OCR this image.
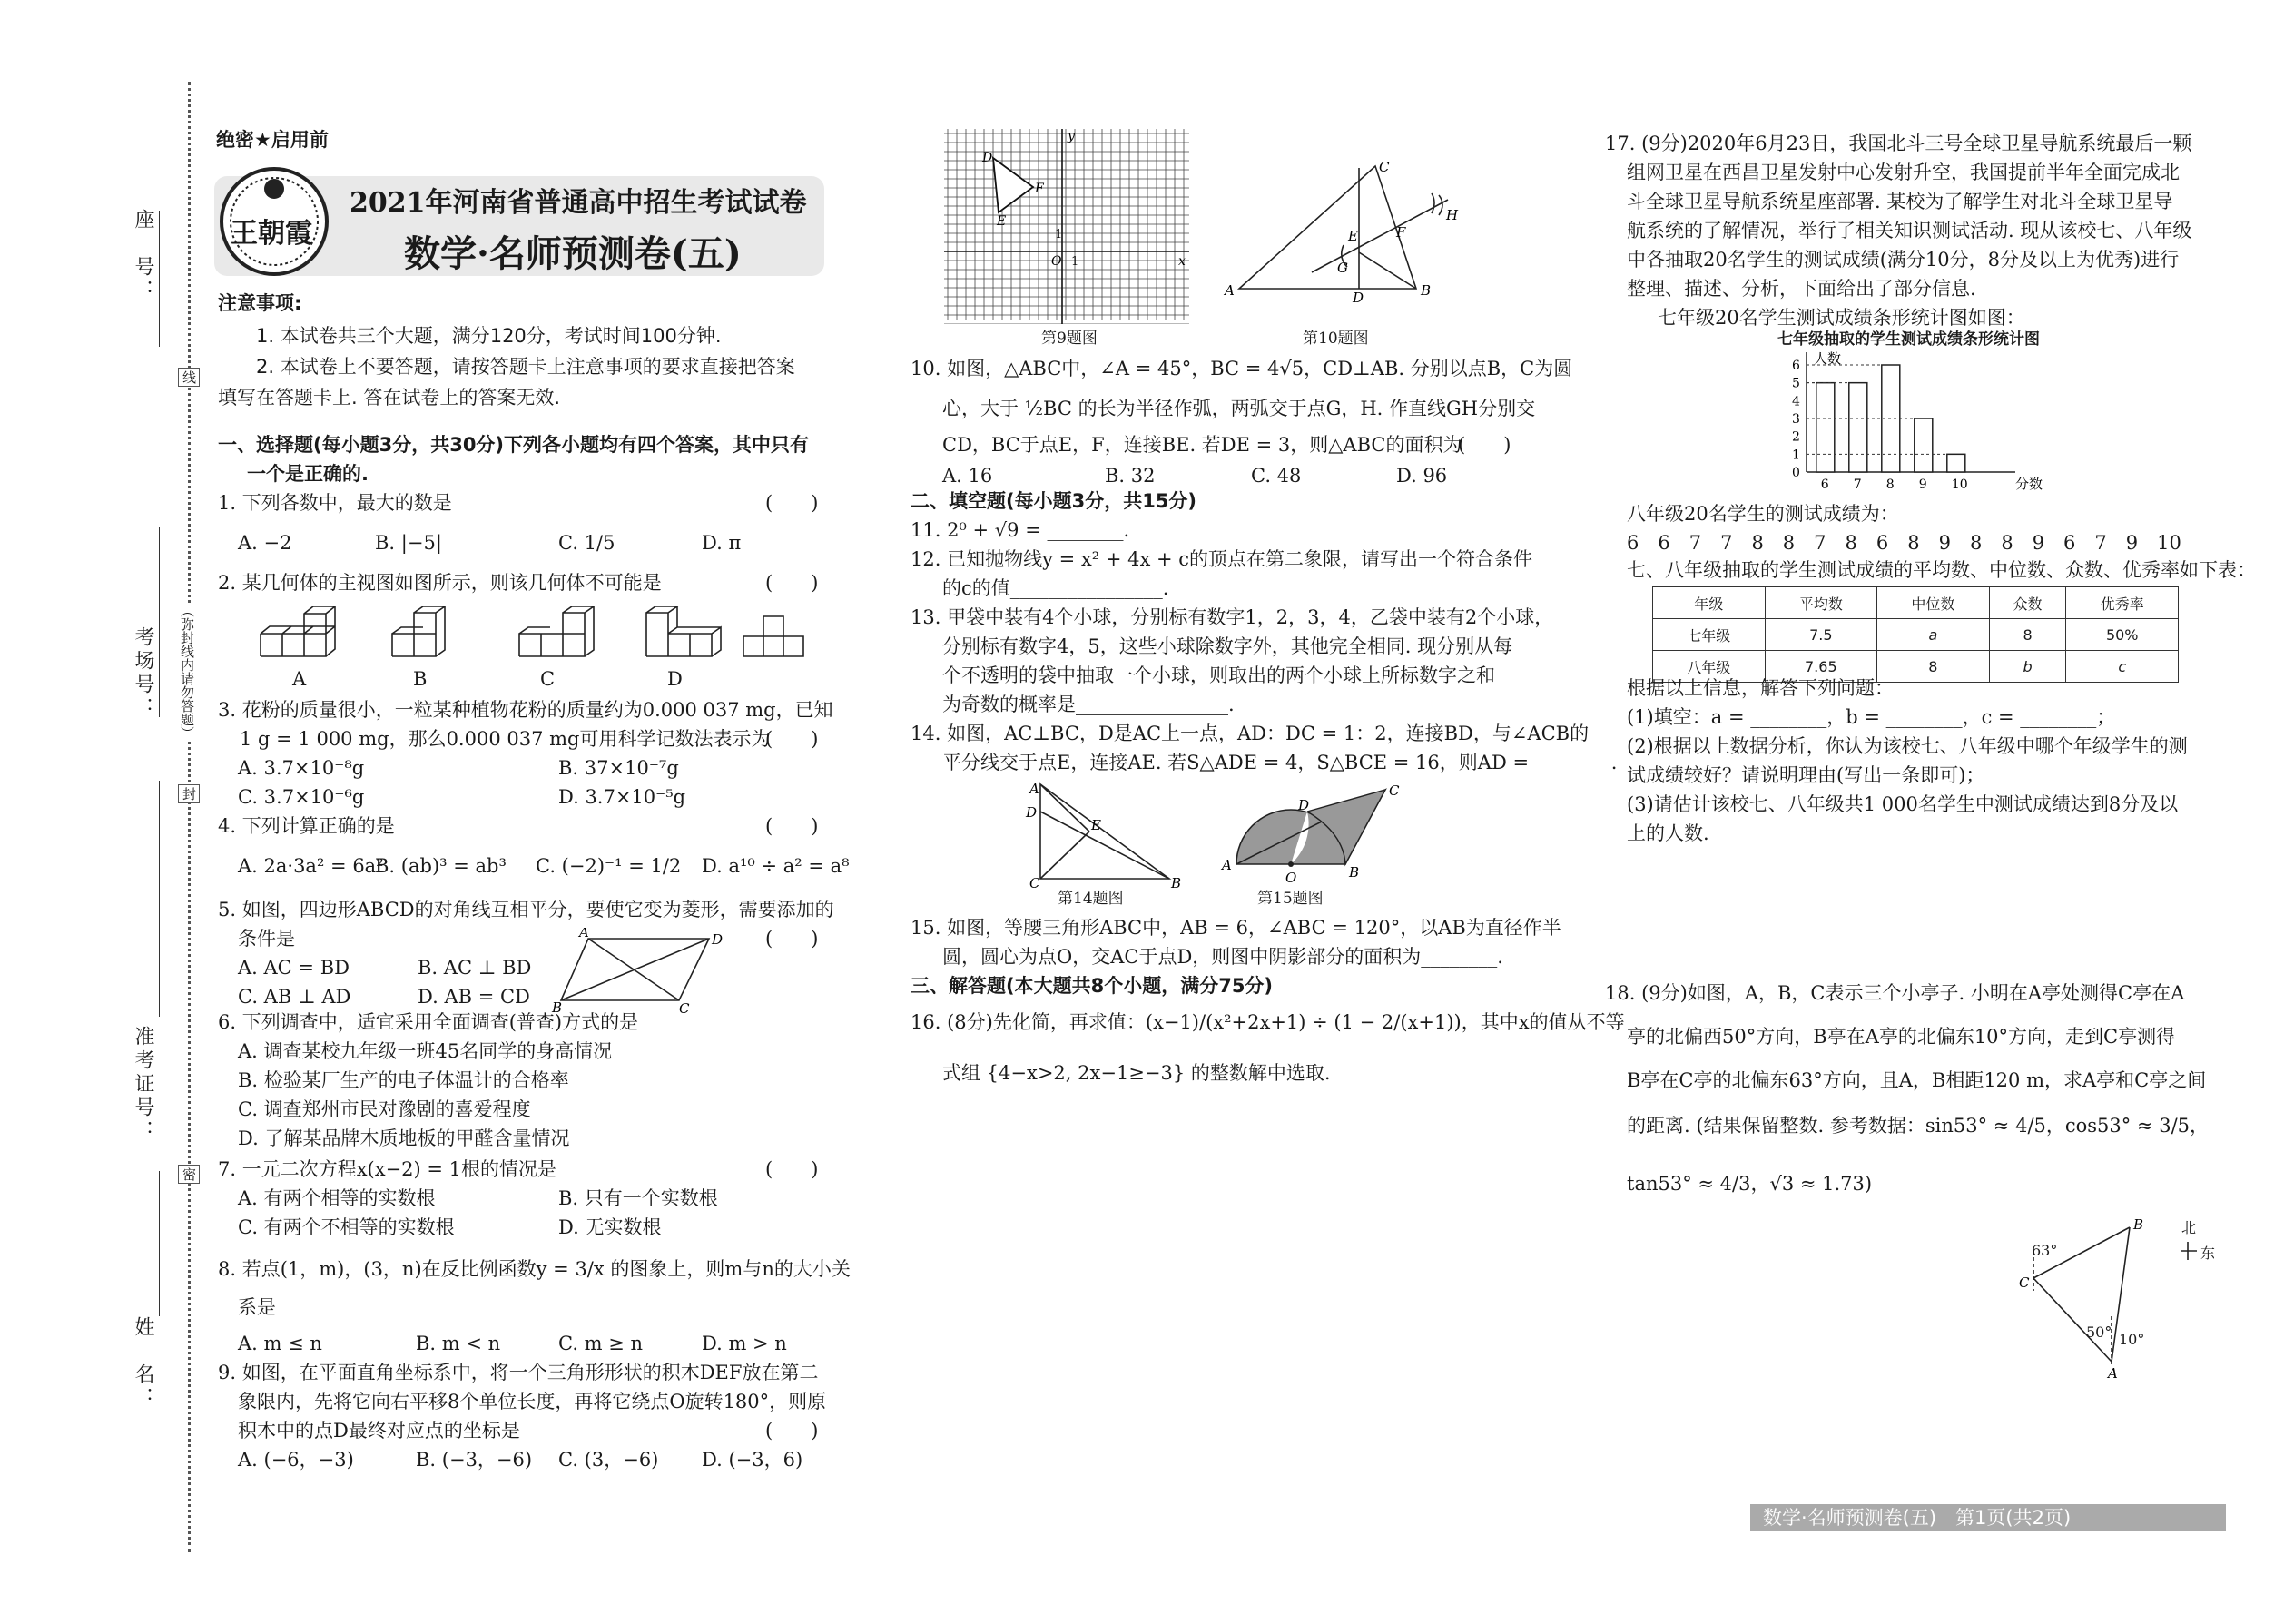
座　号：
考场号：
准考证号：
姓　名：
线
（弥封线内请勿答题）
封
密
绝密★启用前
王朝霞
2021年河南省普通高中招生考试试卷
数学·名师预测卷(五)
注意事项:
1. 本试卷共三个大题，满分120分，考试时间100分钟.
2. 本试卷上不要答题，请按答题卡上注意事项的要求直接把答案
填写在答题卡上. 答在试卷上的答案无效.
一、选择题(每小题3分，共30分)下列各小题均有四个答案，其中只有
一个是正确的.
1. 下列各数中，最大的数是	(　　)
A. −2	B. |−5|	C. 1/5	D. π
2. 某几何体的主视图如图所示，则该几何体不可能是	(　　)
A	B	C	D
3. 花粉的质量很小，一粒某种植物花粉的质量约为0.000 037 mg，已知
1 g = 1 000 mg，那么0.000 037 mg可用科学记数法表示为
(　　)
A. 3.7×10⁻⁸g	B. 37×10⁻⁷g
C. 3.7×10⁻⁶g	D. 3.7×10⁻⁵g
4. 下列计算正确的是	(　　)
A. 2a·3a² = 6a²
B. (ab)³ = ab³ C. (−2)⁻¹ = 1/2 D. a¹⁰ ÷ a² = a⁸
5. 如图，四边形ABCD的对角线互相平分，要使它变为菱形，需要添加的
条件是	(　　)
A. AC = BD	B. AC ⊥ BD
C. AB ⊥ AD	D. AB = CD
A	D
C
B
6. 下列调查中，适宜采用全面调查(普查)方式的是
A. 调查某校九年级一班45名同学的身高情况
B. 检验某厂生产的电子体温计的合格率
C. 调查郑州市民对豫剧的喜爱程度
D. 了解某品牌木质地板的甲醛含量情况
7. 一元二次方程x(x−2) = 1根的情况是	(　　)
A. 有两个相等的实数根	B. 只有一个实数根
C. 有两个不相等的实数根	D. 无实数根
8. 若点(1，m)，(3，n)在反比例函数y = 3/x 的图象上，则m与n的大小关
系是
A. m ≤ n	B. m < n	C. m ≥ n	D. m > n
9. 如图，在平面直角坐标系中，将一个三角形形状的积木DEF放在第二
象限内，先将它向右平移8个单位长度，再将它绕点O旋转180°，则原
积木中的点D最终对应点的坐标是	(　　)
A. (−6，−3)	B. (−3，−6) C. (3，−6) D. (−3，6)
D
F
E
O 1
1
y
x
第9题图
A
C
B
D
E	F
G
H
第10题图
10. 如图，△ABC中，∠A = 45°，BC = 4√5，CD⊥AB. 分别以点B，C为圆
心，大于 ½BC 的长为半径作弧，两弧交于点G，H. 作直线GH分别交
CD，BC于点E，F，连接BE. 若DE = 3，则△ABC的面积为
(　　)
A. 16	B. 32	C. 48	D. 96
二、填空题(每小题3分，共15分)
11. 2⁰ + √9 = ________.
12. 已知抛物线y = x² + 4x + c的顶点在第二象限，请写出一个符合条件
的c的值________________.
13. 甲袋中装有4个小球，分别标有数字1，2，3，4，乙袋中装有2个小球，
分别标有数字4，5，这些小球除数字外，其他完全相同. 现分别从每
个不透明的袋中抽取一个小球，则取出的两个小球上所标数字之和
为奇数的概率是________________.
14. 如图，AC⊥BC，D是AC上一点，AD：DC = 1：2，连接BD，与∠ACB的
平分线交于点E，连接AE. 若S△ADE = 4，S△BCE = 16，则AD = ________.
A
D
E
C	B
第14题图
A
O	B
C
D
第15题图
15. 如图，等腰三角形ABC中，AB = 6，∠ABC = 120°，以AB为直径作半
圆，圆心为点O，交AC于点D，则图中阴影部分的面积为________.
三、解答题(本大题共8个小题，满分75分)
16. (8分)先化简，再求值：(x−1)/(x²+2x+1) ÷ (1 − 2/(x+1))，其中x的值从不等
式组 {4−x>2, 2x−1≥−3} 的整数解中选取.
17. (9分)2020年6月23日，我国北斗三号全球卫星导航系统最后一颗
组网卫星在西昌卫星发射中心发射升空，我国提前半年全面完成北
斗全球卫星导航系统星座部署. 某校为了解学生对北斗全球卫星导
航系统的了解情况，举行了相关知识测试活动. 现从该校七、八年级
中各抽取20名学生的测试成绩(满分10分，8分及以上为优秀)进行
整理、描述、分析，下面给出了部分信息.
七年级20名学生测试成绩条形统计图如图：
七年级抽取的学生测试成绩条形统计图
人数
分数
0
1
2
3
4
5
6
6 7 8 9 10
八年级20名学生的测试成绩为：
6　6　7　7　8　8　7　8　6　8　9　8　8　9　6　7　9　10
七、八年级抽取的学生测试成绩的平均数、中位数、众数、优秀率如下表：
年级	平均数	中位数	众数	优秀率
七年级	7.5	a	8	50%
八年级	7.65	8	b	c
根据以上信息，解答下列问题：
(1)填空：a = ________，b = ________，c = ________；
(2)根据以上数据分析，你认为该校七、八年级中哪个年级学生的测
试成绩较好？请说明理由(写出一条即可)；
(3)请估计该校七、八年级共1 000名学生中测试成绩达到8分及以
上的人数.
18. (9分)如图，A，B，C表示三个小亭子. 小明在A亭处测得C亭在A
亭的北偏西50°方向，B亭在A亭的北偏东10°方向，走到C亭测得
B亭在C亭的北偏东63°方向，且A，B相距120 m，求A亭和C亭之间
的距离. (结果保留整数. 参考数据：sin53° ≈ 4/5，cos53° ≈ 3/5，
tan53° ≈ 4/3，√3 ≈ 1.73)
B
C
A
北
东
63°
50° 10°
数学·名师预测卷(五)　第1页(共2页)
